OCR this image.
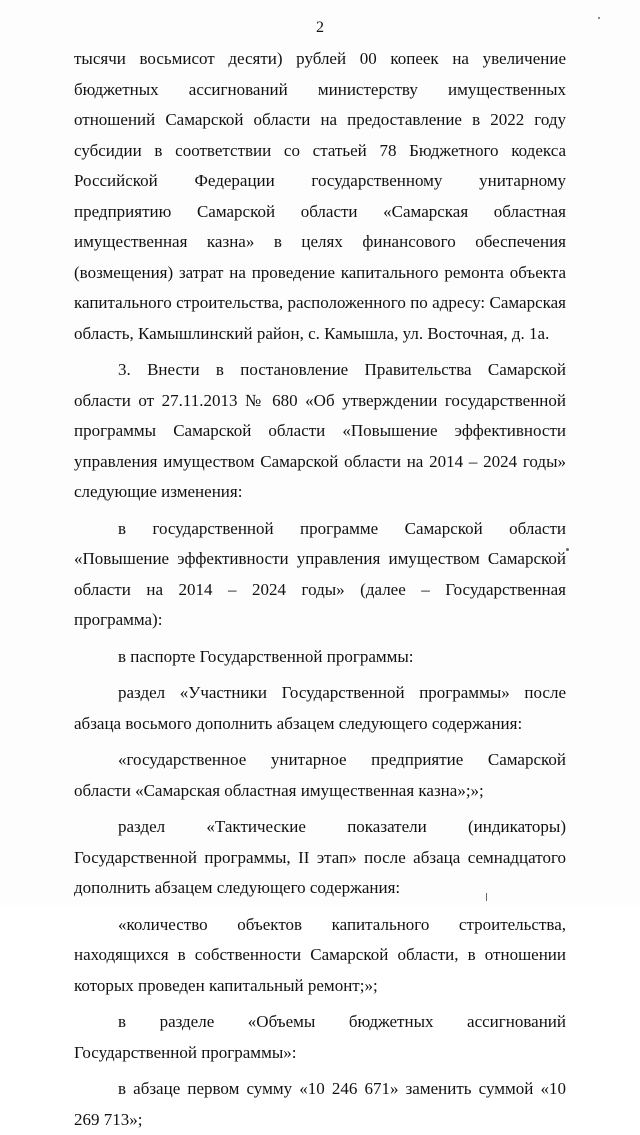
2

тысячи восьмисот десяти) рублей 00 копеек на увеличение бюджетных ассигнований министерству имущественных отношений Самарской области на предоставление в 2022 году субсидии в соответствии со статьей 78 Бюджетного кодекса Российской Федерации государственному унитарному предприятию Самарской области «Самарская областная имущественная казна» в целях финансового обеспечения (возмещения) затрат на проведение капитального ремонта объекта капитального строительства, расположенного по адресу: Самарская область, Камышлинский район, с. Камышла, ул. Восточная, д. 1а.

3. Внести в постановление Правительства Самарской области от 27.11.2013 № 680 «Об утверждении государственной программы Самарской области «Повышение эффективности управления имуществом Самарской области на 2014 – 2024 годы» следующие изменения:

в государственной программе Самарской области «Повышение эффективности управления имуществом Самарской области на 2014 – 2024 годы» (далее – Государственная программа):

в паспорте Государственной программы:

раздел «Участники Государственной программы» после абзаца восьмого дополнить абзацем следующего содержания:

«государственное унитарное предприятие Самарской области «Самарская областная имущественная казна»;»;

раздел «Тактические показатели (индикаторы) Государственной программы, II этап» после абзаца семнадцатого дополнить абзацем следующего содержания:

«количество объектов капитального строительства, находящихся в собственности Самарской области, в отношении которых проведен капитальный ремонт;»;

в разделе «Объемы бюджетных ассигнований Государственной программы»:

в абзаце первом сумму «10 246 671» заменить суммой «10 269 713»;
